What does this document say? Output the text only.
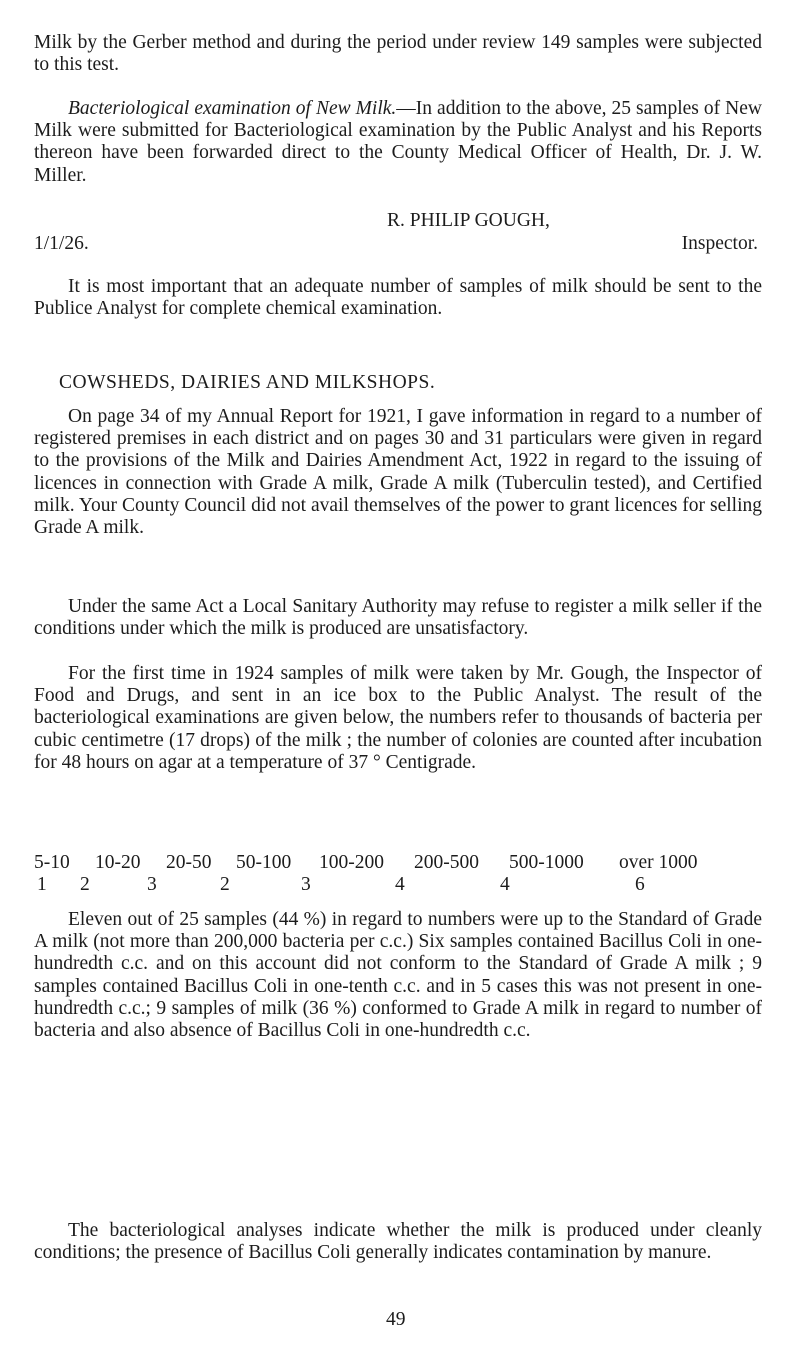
Milk by the Gerber method and during the period under review 149 samples were subjected to this test.

Bacteriological examination of New Milk.—In addition to the above, 25 samples of New Milk were submitted for Bacteriological examination by the Public Analyst and his Reports thereon have been forwarded direct to the County Medical Officer of Health, Dr. J. W. Miller.

R. PHILIP GOUGH,
1/1/26.	Inspector.

It is most important that an adequate number of samples of milk should be sent to the Publice Analyst for complete chemical examination.

COWSHEDS, DAIRIES AND MILKSHOPS.

On page 34 of my Annual Report for 1921, I gave information in regard to a number of registered premises in each district and on pages 30 and 31 particulars were given in regard to the provisions of the Milk and Dairies Amendment Act, 1922 in regard to the issuing of licences in connection with Grade A milk, Grade A milk (Tuberculin tested), and Certified milk. Your County Council did not avail themselves of the power to grant licences for selling Grade A milk.

Under the same Act a Local Sanitary Authority may refuse to register a milk seller if the conditions under which the milk is produced are unsatisfactory.

For the first time in 1924 samples of milk were taken by Mr. Gough, the Inspector of Food and Drugs, and sent in an ice box to the Public Analyst. The result of the bacteriological examinations are given below, the numbers refer to thousands of bacteria per cubic centimetre (17 drops) of the milk ; the number of colonies are counted after incubation for 48 hours on agar at a temperature of 37 ° Centigrade.

5-10 10-20 20-50 50-100 100-200 200-500 500-1000 over 1000
1 2	3	2	3	4	4	6

Eleven out of 25 samples (44 %) in regard to numbers were up to the Standard of Grade A milk (not more than 200,000 bacteria per c.c.) Six samples contained Bacillus Coli in one-hundredth c.c. and on this account did not conform to the Standard of Grade A milk ; 9 samples contained Bacillus Coli in one-tenth c.c. and in 5 cases this was not present in one-hundredth c.c.; 9 samples of milk (36 %) conformed to Grade A milk in regard to number of bacteria and also absence of Bacillus Coli in one-hundredth c.c.

The bacteriological analyses indicate whether the milk is produced under cleanly conditions; the presence of Bacillus Coli generally indicates contamination by manure.

49
